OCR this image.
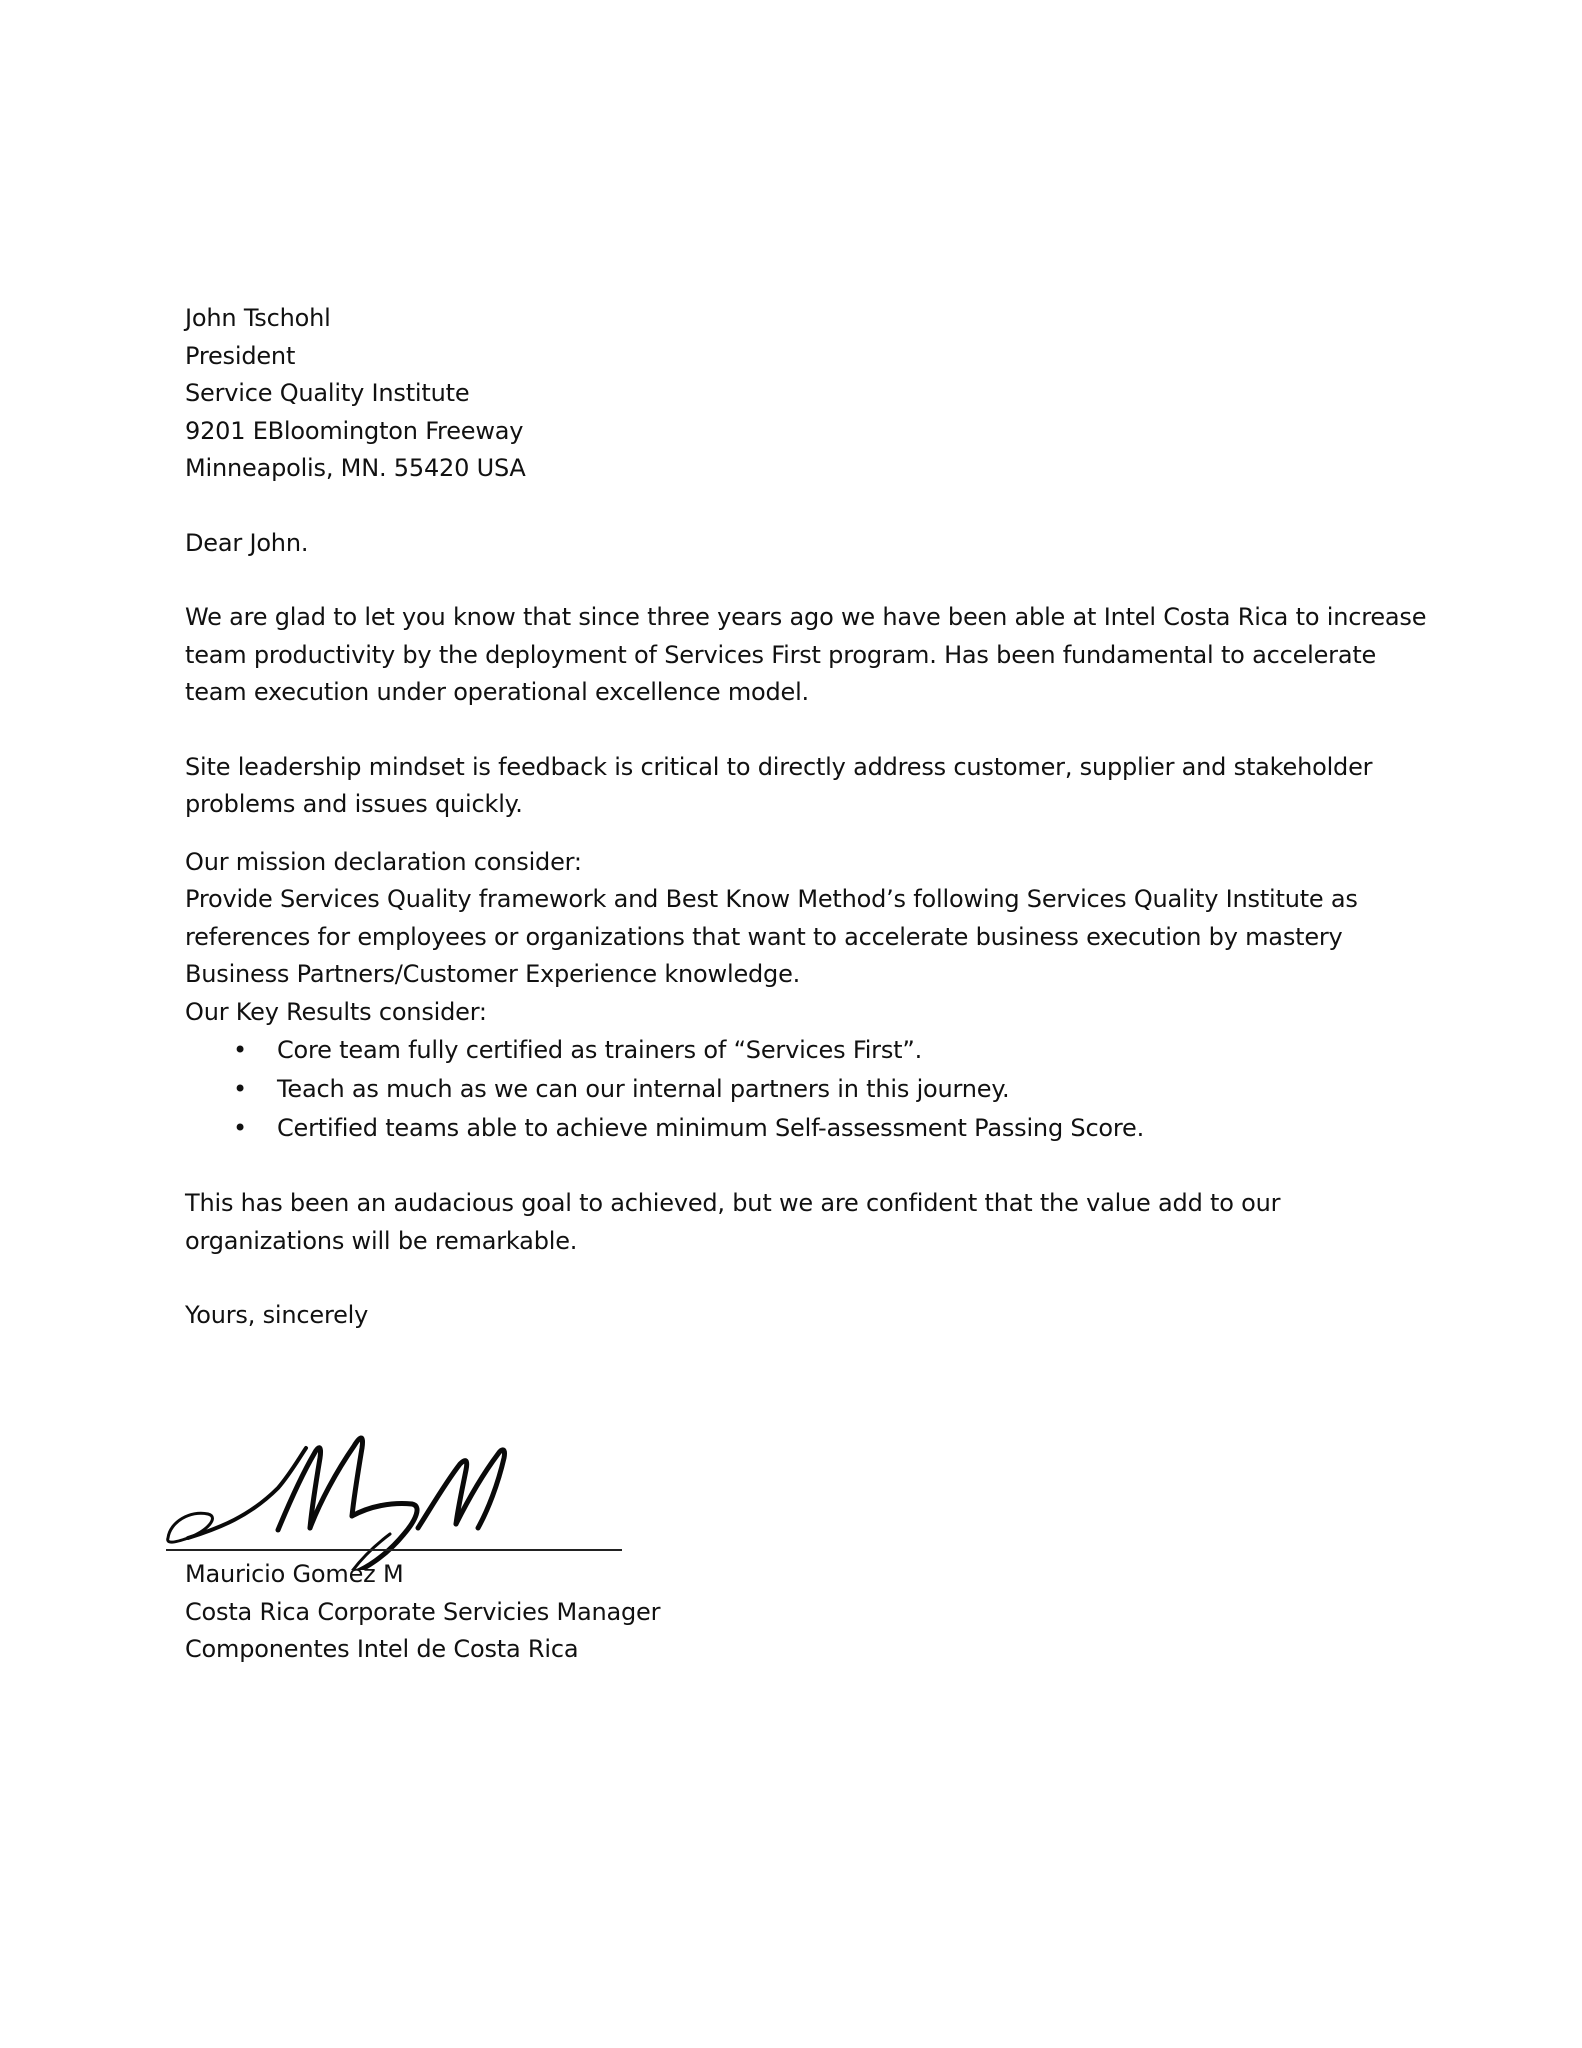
John Tschohl
President
Service Quality Institute
9201 EBloomington Freeway
Minneapolis, MN. 55420 USA
Dear John.
We are glad to let you know that since three years ago we have been able at Intel Costa Rica to increase
team productivity by the deployment of Services First program. Has been fundamental to accelerate
team execution under operational excellence model.
Site leadership mindset is feedback is critical to directly address customer, supplier and stakeholder
problems and issues quickly.
Our mission declaration consider:
Provide Services Quality framework and Best Know Method’s following Services Quality Institute as
references for employees or organizations that want to accelerate business execution by mastery
Business Partners/Customer Experience knowledge.
Our Key Results consider:
• Core team fully certified as trainers of “Services First”.
• Teach as much as we can our internal partners in this journey.
• Certified teams able to achieve minimum Self-assessment Passing Score.
This has been an audacious goal to achieved, but we are confident that the value add to our
organizations will be remarkable.
Yours, sincerely
Mauricio Gomez M
Costa Rica Corporate Servicies Manager
Componentes Intel de Costa Rica
